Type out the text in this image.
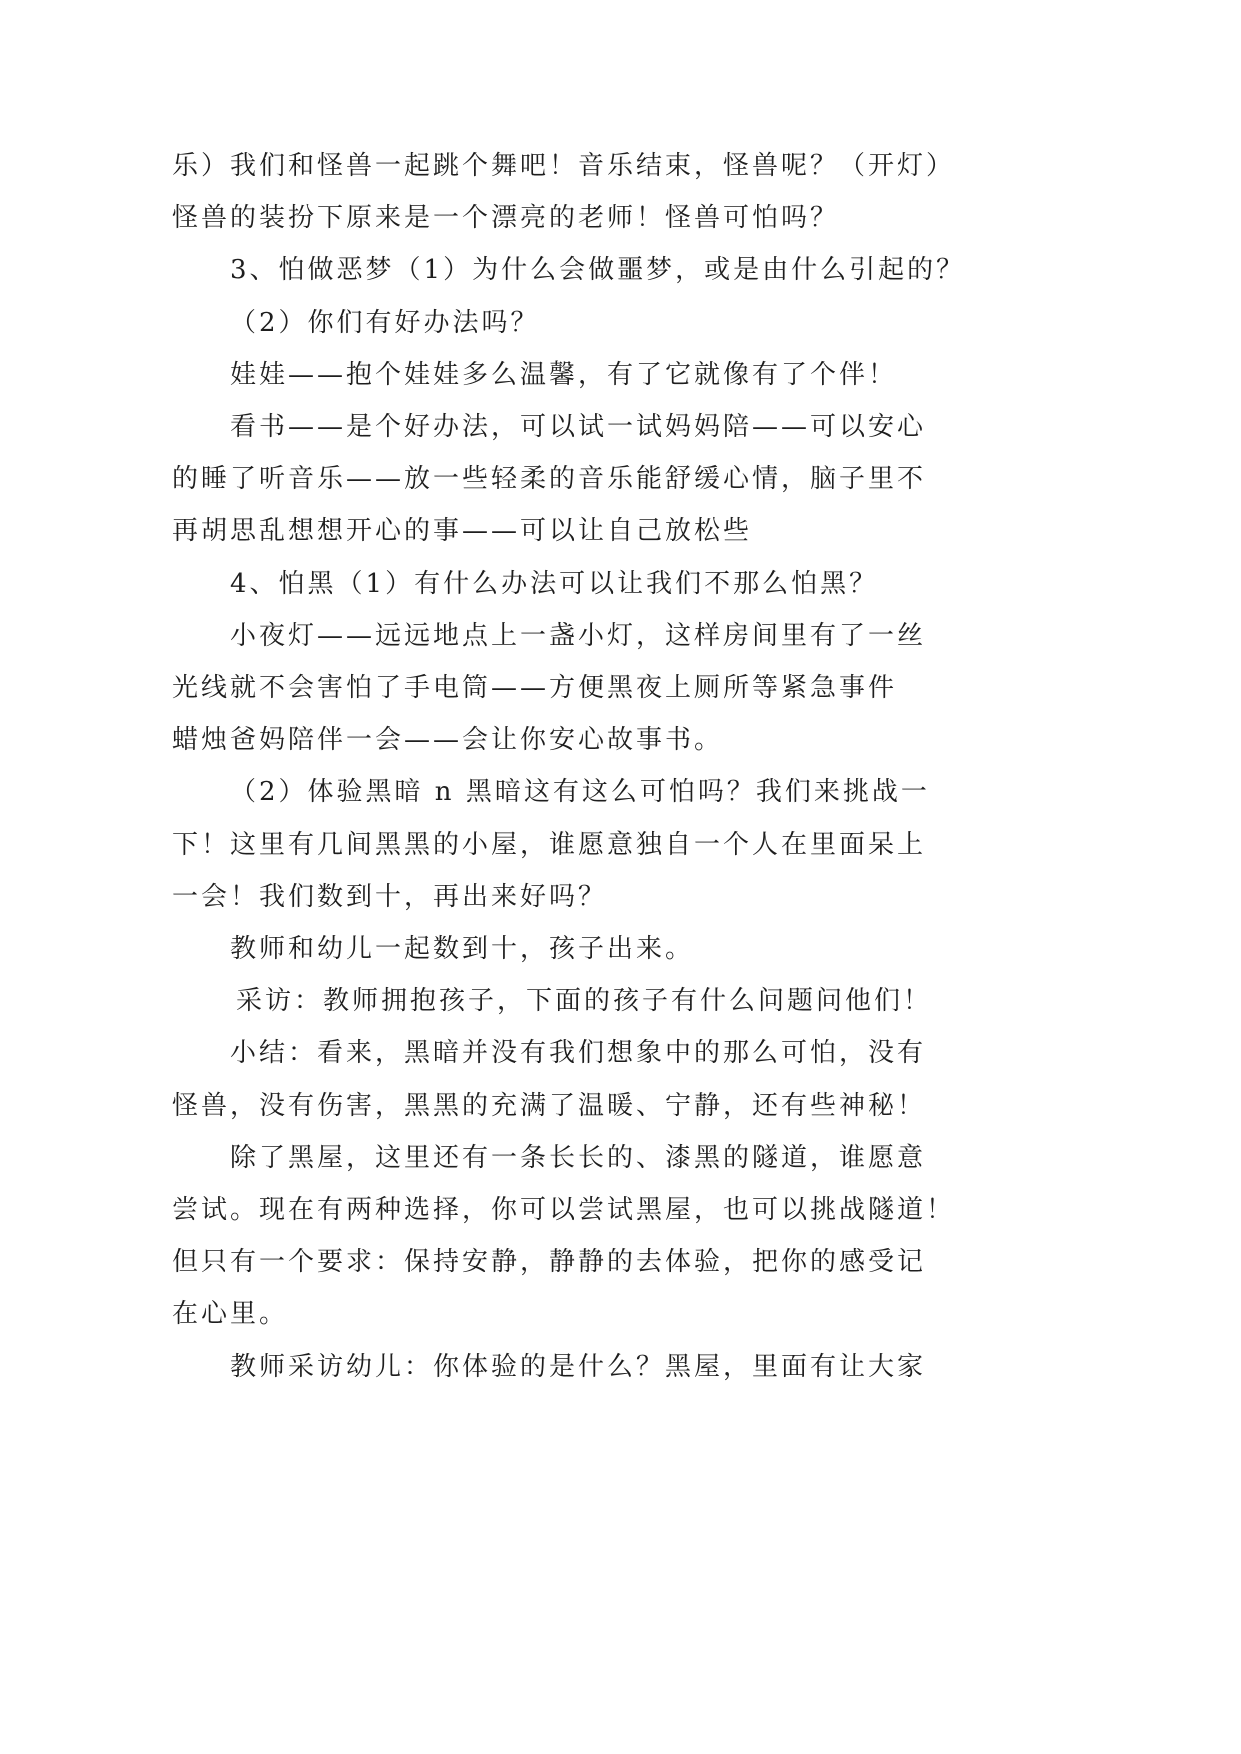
乐）我们和怪兽一起跳个舞吧！音乐结束，怪兽呢？（开灯）
怪兽的装扮下原来是一个漂亮的老师！怪兽可怕吗？
3、怕做恶梦（1）为什么会做噩梦，或是由什么引起的？
（2）你们有好办法吗？
娃娃——抱个娃娃多么温馨，有了它就像有了个伴！
看书——是个好办法，可以试一试妈妈陪——可以安心
的睡了听音乐——放一些轻柔的音乐能舒缓心情，脑子里不
再胡思乱想想开心的事——可以让自己放松些
4、怕黑（1）有什么办法可以让我们不那么怕黑？
小夜灯——远远地点上一盏小灯，这样房间里有了一丝
光线就不会害怕了手电筒——方便黑夜上厕所等紧急事件
蜡烛爸妈陪伴一会——会让你安心故事书。
（2）体验黑暗 n 黑暗这有这么可怕吗？我们来挑战一
下！这里有几间黑黑的小屋，谁愿意独自一个人在里面呆上
一会！我们数到十，再出来好吗？
教师和幼儿一起数到十，孩子出来。
采访：教师拥抱孩子，下面的孩子有什么问题问他们！
小结：看来，黑暗并没有我们想象中的那么可怕，没有
怪兽，没有伤害，黑黑的充满了温暖、宁静，还有些神秘！
除了黑屋，这里还有一条长长的、漆黑的隧道，谁愿意
尝试。现在有两种选择，你可以尝试黑屋，也可以挑战隧道！
但只有一个要求：保持安静，静静的去体验，把你的感受记
在心里。
教师采访幼儿：你体验的是什么？黑屋，里面有让大家
